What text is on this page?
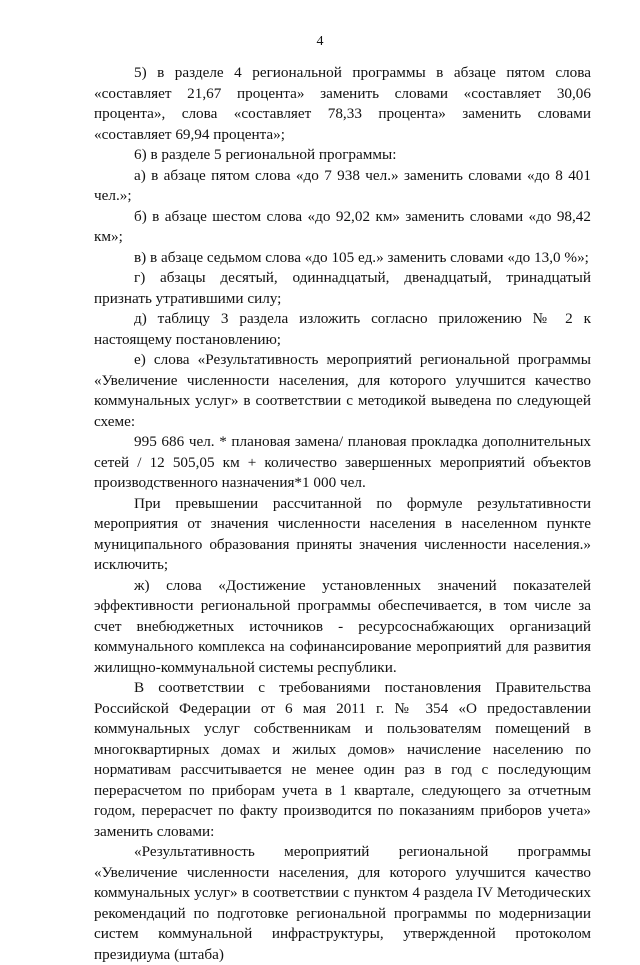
4

5) в разделе 4 региональной программы в абзаце пятом слова «составляет 21,67 процента» заменить словами «составляет 30,06 процента», слова «составляет 78,33 процента» заменить словами «составляет 69,94 процента»;

6) в разделе 5 региональной программы:

а) в абзаце пятом слова «до 7 938 чел.» заменить словами «до 8 401 чел.»;

б) в абзаце шестом слова «до 92,02 км» заменить словами «до 98,42 км»;

в) в абзаце седьмом слова «до 105 ед.» заменить словами «до 13,0 %»;

г) абзацы десятый, одиннадцатый, двенадцатый, тринадцатый признать утратившими силу;

д) таблицу 3 раздела изложить согласно приложению № 2 к настоящему постановлению;

е) слова «Результативность мероприятий региональной программы «Увеличение численности населения, для которого улучшится качество коммунальных услуг» в соответствии с методикой выведена по следующей схеме:

995 686 чел. * плановая замена/ плановая прокладка дополнительных сетей / 12 505,05 км + количество завершенных мероприятий объектов производственного назначения*1 000 чел.

При превышении рассчитанной по формуле результативности мероприятия от значения численности населения в населенном пункте муниципального образования приняты значения численности населения.» исключить;

ж) слова «Достижение установленных значений показателей эффективности региональной программы обеспечивается, в том числе за счет внебюджетных источников - ресурсоснабжающих организаций коммунального комплекса на софинансирование мероприятий для развития жилищно-коммунальной системы республики.

В соответствии с требованиями постановления Правительства Российской Федерации от 6 мая 2011 г. № 354 «О предоставлении коммунальных услуг собственникам и пользователям помещений в многоквартирных домах и жилых домов» начисление населению по нормативам рассчитывается не менее один раз в год с последующим перерасчетом по приборам учета в 1 квартале, следующего за отчетным годом, перерасчет по факту производится по показаниям приборов учета» заменить словами:

«Результативность мероприятий региональной программы «Увеличение численности населения, для которого улучшится качество коммунальных услуг» в соответствии с пунктом 4 раздела IV Методических рекомендаций по подготовке региональной программы по модернизации систем коммунальной инфраструктуры, утвержденной протоколом президиума (штаба)
